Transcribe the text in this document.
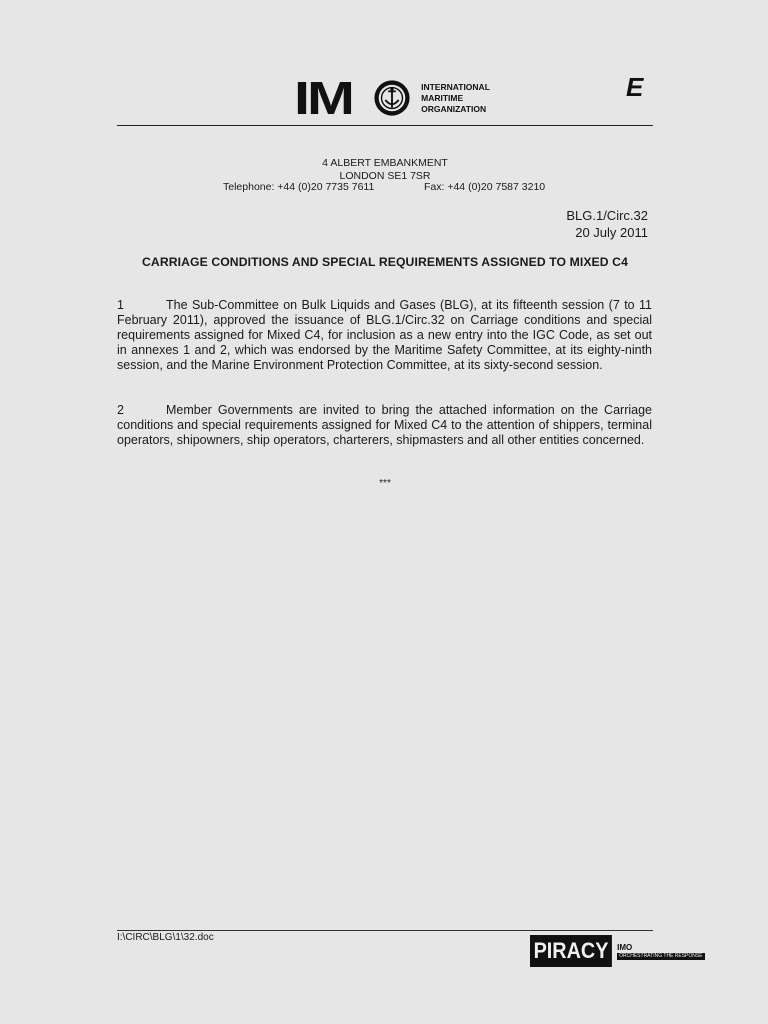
I M	INTERNATIONAL
MARITIME
ORGANIZATION
E
4 ALBERT EMBANKMENT
LONDON SE1 7SR
Telephone: +44 (0)20 7735 7611	Fax: +44 (0)20 7587 3210
BLG.1/Circ.32
20 July 2011
CARRIAGE CONDITIONS AND SPECIAL REQUIREMENTS ASSIGNED TO MIXED C4
1	The Sub-Committee on Bulk Liquids and Gases (BLG), at its fifteenth session (7 to 11 February 2011), approved the issuance of BLG.1/Circ.32 on Carriage conditions and special requirements assigned for Mixed C4, for inclusion as a new entry into the IGC Code, as set out in annexes 1 and 2, which was endorsed by the Maritime Safety Committee, at its eighty-ninth session, and the Marine Environment Protection Committee, at its sixty-second session.
2	Member Governments are invited to bring the attached information on the Carriage conditions and special requirements assigned for Mixed C4 to the attention of shippers, terminal operators, shipowners, ship operators, charterers, shipmasters and all other entities concerned.
***
I:\CIRC\BLG\1\32.doc
PIRACY	IMO
ORCHESTRATING THE RESPONSE
